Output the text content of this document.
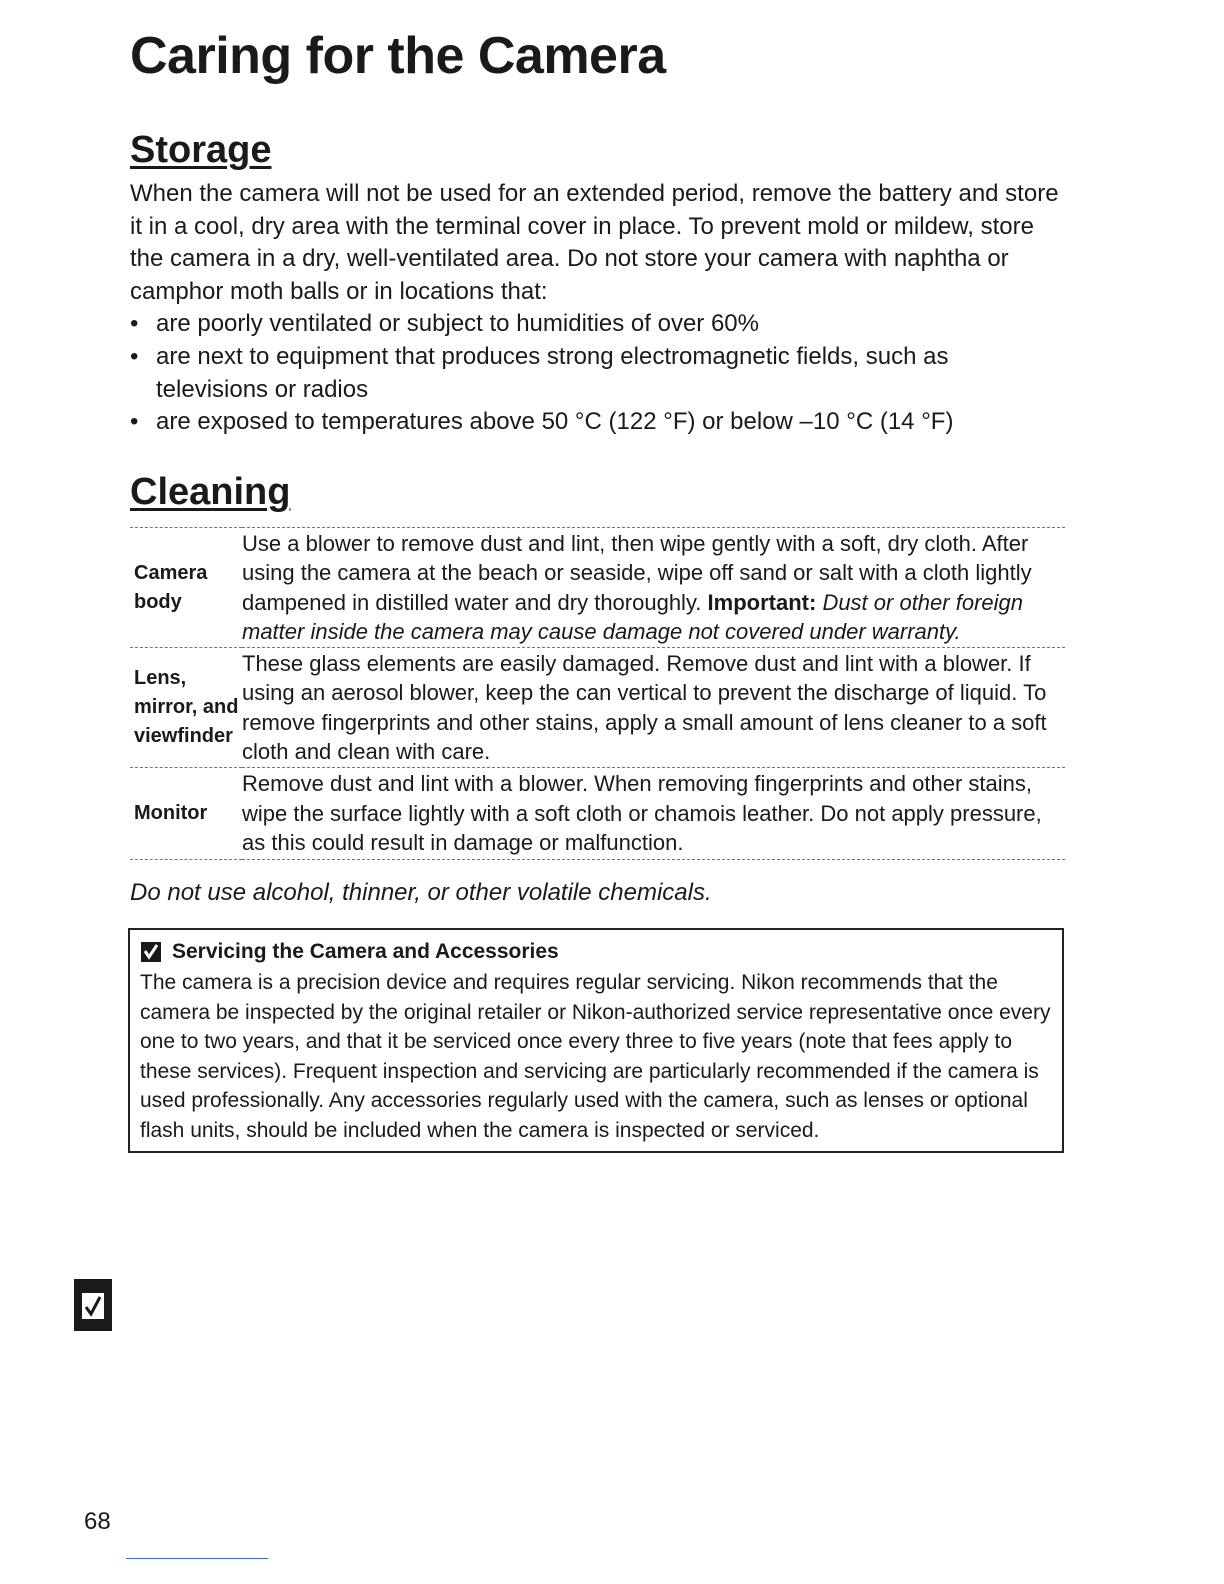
Caring for the Camera
Storage

When the camera will not be used for an extended period, remove the battery and store it in a cool, dry area with the terminal cover in place. To prevent mold or mildew, store the camera in a dry, well-ventilated area. Do not store your camera with naphtha or camphor moth balls or in locations that:

• are poorly ventilated or subject to humidities of over 60%
• are next to equipment that produces strong electromagnetic fields, such as televisions or radios
• are exposed to temperatures above 50 °C (122 °F) or below –10 °C (14 °F)
Cleaning
Camera body	Use a blower to remove dust and lint, then wipe gently with a soft, dry cloth. After using the camera at the beach or seaside, wipe off sand or salt with a cloth lightly dampened in distilled water and dry thoroughly. Important: Dust or other foreign matter inside the camera may cause damage not covered under warranty.
Lens, mirror, and viewfinder	These glass elements are easily damaged. Remove dust and lint with a blower. If using an aerosol blower, keep the can vertical to prevent the discharge of liquid. To remove fingerprints and other stains, apply a small amount of lens cleaner to a soft cloth and clean with care.
Monitor	Remove dust and lint with a blower. When removing fingerprints and other stains, wipe the surface lightly with a soft cloth or chamois leather. Do not apply pressure, as this could result in damage or malfunction.

Do not use alcohol, thinner, or other volatile chemicals.

Servicing the Camera and Accessories

The camera is a precision device and requires regular servicing. Nikon recommends that the camera be inspected by the original retailer or Nikon-authorized service representative once every one to two years, and that it be serviced once every three to five years (note that fees apply to these services). Frequent inspection and servicing are particularly recommended if the camera is used professionally. Any accessories regularly used with the camera, such as lenses or optional flash units, should be included when the camera is inspected or serviced.

68
